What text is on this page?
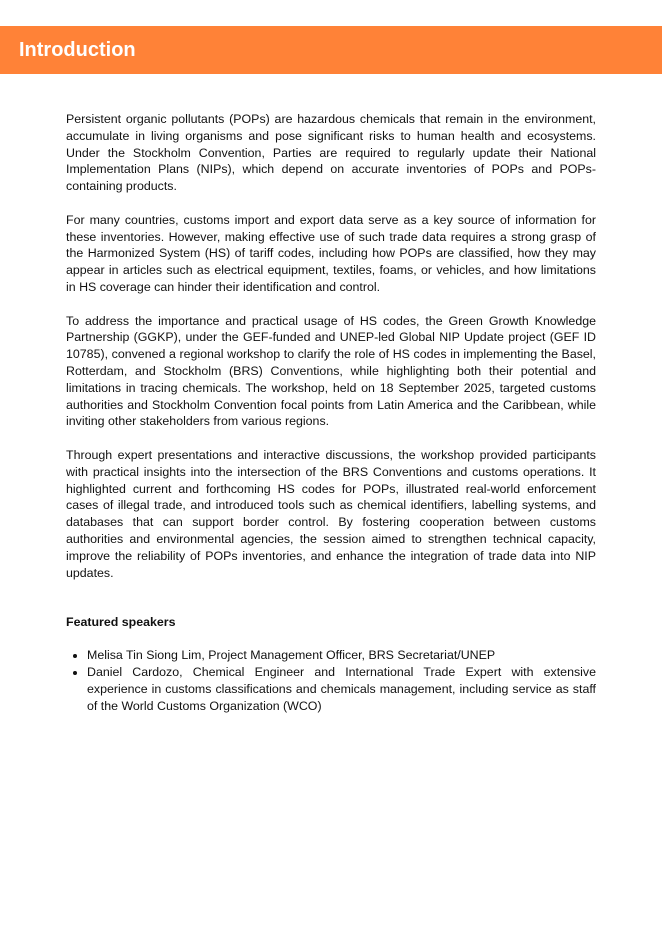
Introduction

Persistent organic pollutants (POPs) are hazardous chemicals that remain in the environment, accumulate in living organisms and pose significant risks to human health and ecosystems. Under the Stockholm Convention, Parties are required to regularly update their National Implementation Plans (NIPs), which depend on accurate inventories of POPs and POPs-containing products.

For many countries, customs import and export data serve as a key source of information for these inventories. However, making effective use of such trade data requires a strong grasp of the Harmonized System (HS) of tariff codes, including how POPs are classified, how they may appear in articles such as electrical equipment, textiles, foams, or vehicles, and how limitations in HS coverage can hinder their identification and control.

To address the importance and practical usage of HS codes, the Green Growth Knowledge Partnership (GGKP), under the GEF-funded and UNEP-led Global NIP Update project (GEF ID 10785), convened a regional workshop to clarify the role of HS codes in implementing the Basel, Rotterdam, and Stockholm (BRS) Conventions, while highlighting both their potential and limitations in tracing chemicals. The workshop, held on 18 September 2025, targeted customs authorities and Stockholm Convention focal points from Latin America and the Caribbean, while inviting other stakeholders from various regions.

Through expert presentations and interactive discussions, the workshop provided participants with practical insights into the intersection of the BRS Conventions and customs operations. It highlighted current and forthcoming HS codes for POPs, illustrated real-world enforcement cases of illegal trade, and introduced tools such as chemical identifiers, labelling systems, and databases that can support border control. By fostering cooperation between customs authorities and environmental agencies, the session aimed to strengthen technical capacity, improve the reliability of POPs inventories, and enhance the integration of trade data into NIP updates.

Featured speakers
• Melisa Tin Siong Lim, Project Management Officer, BRS Secretariat/UNEP
• Daniel Cardozo, Chemical Engineer and International Trade Expert with extensive experience in customs classifications and chemicals management, including service as staff of the World Customs Organization (WCO)
